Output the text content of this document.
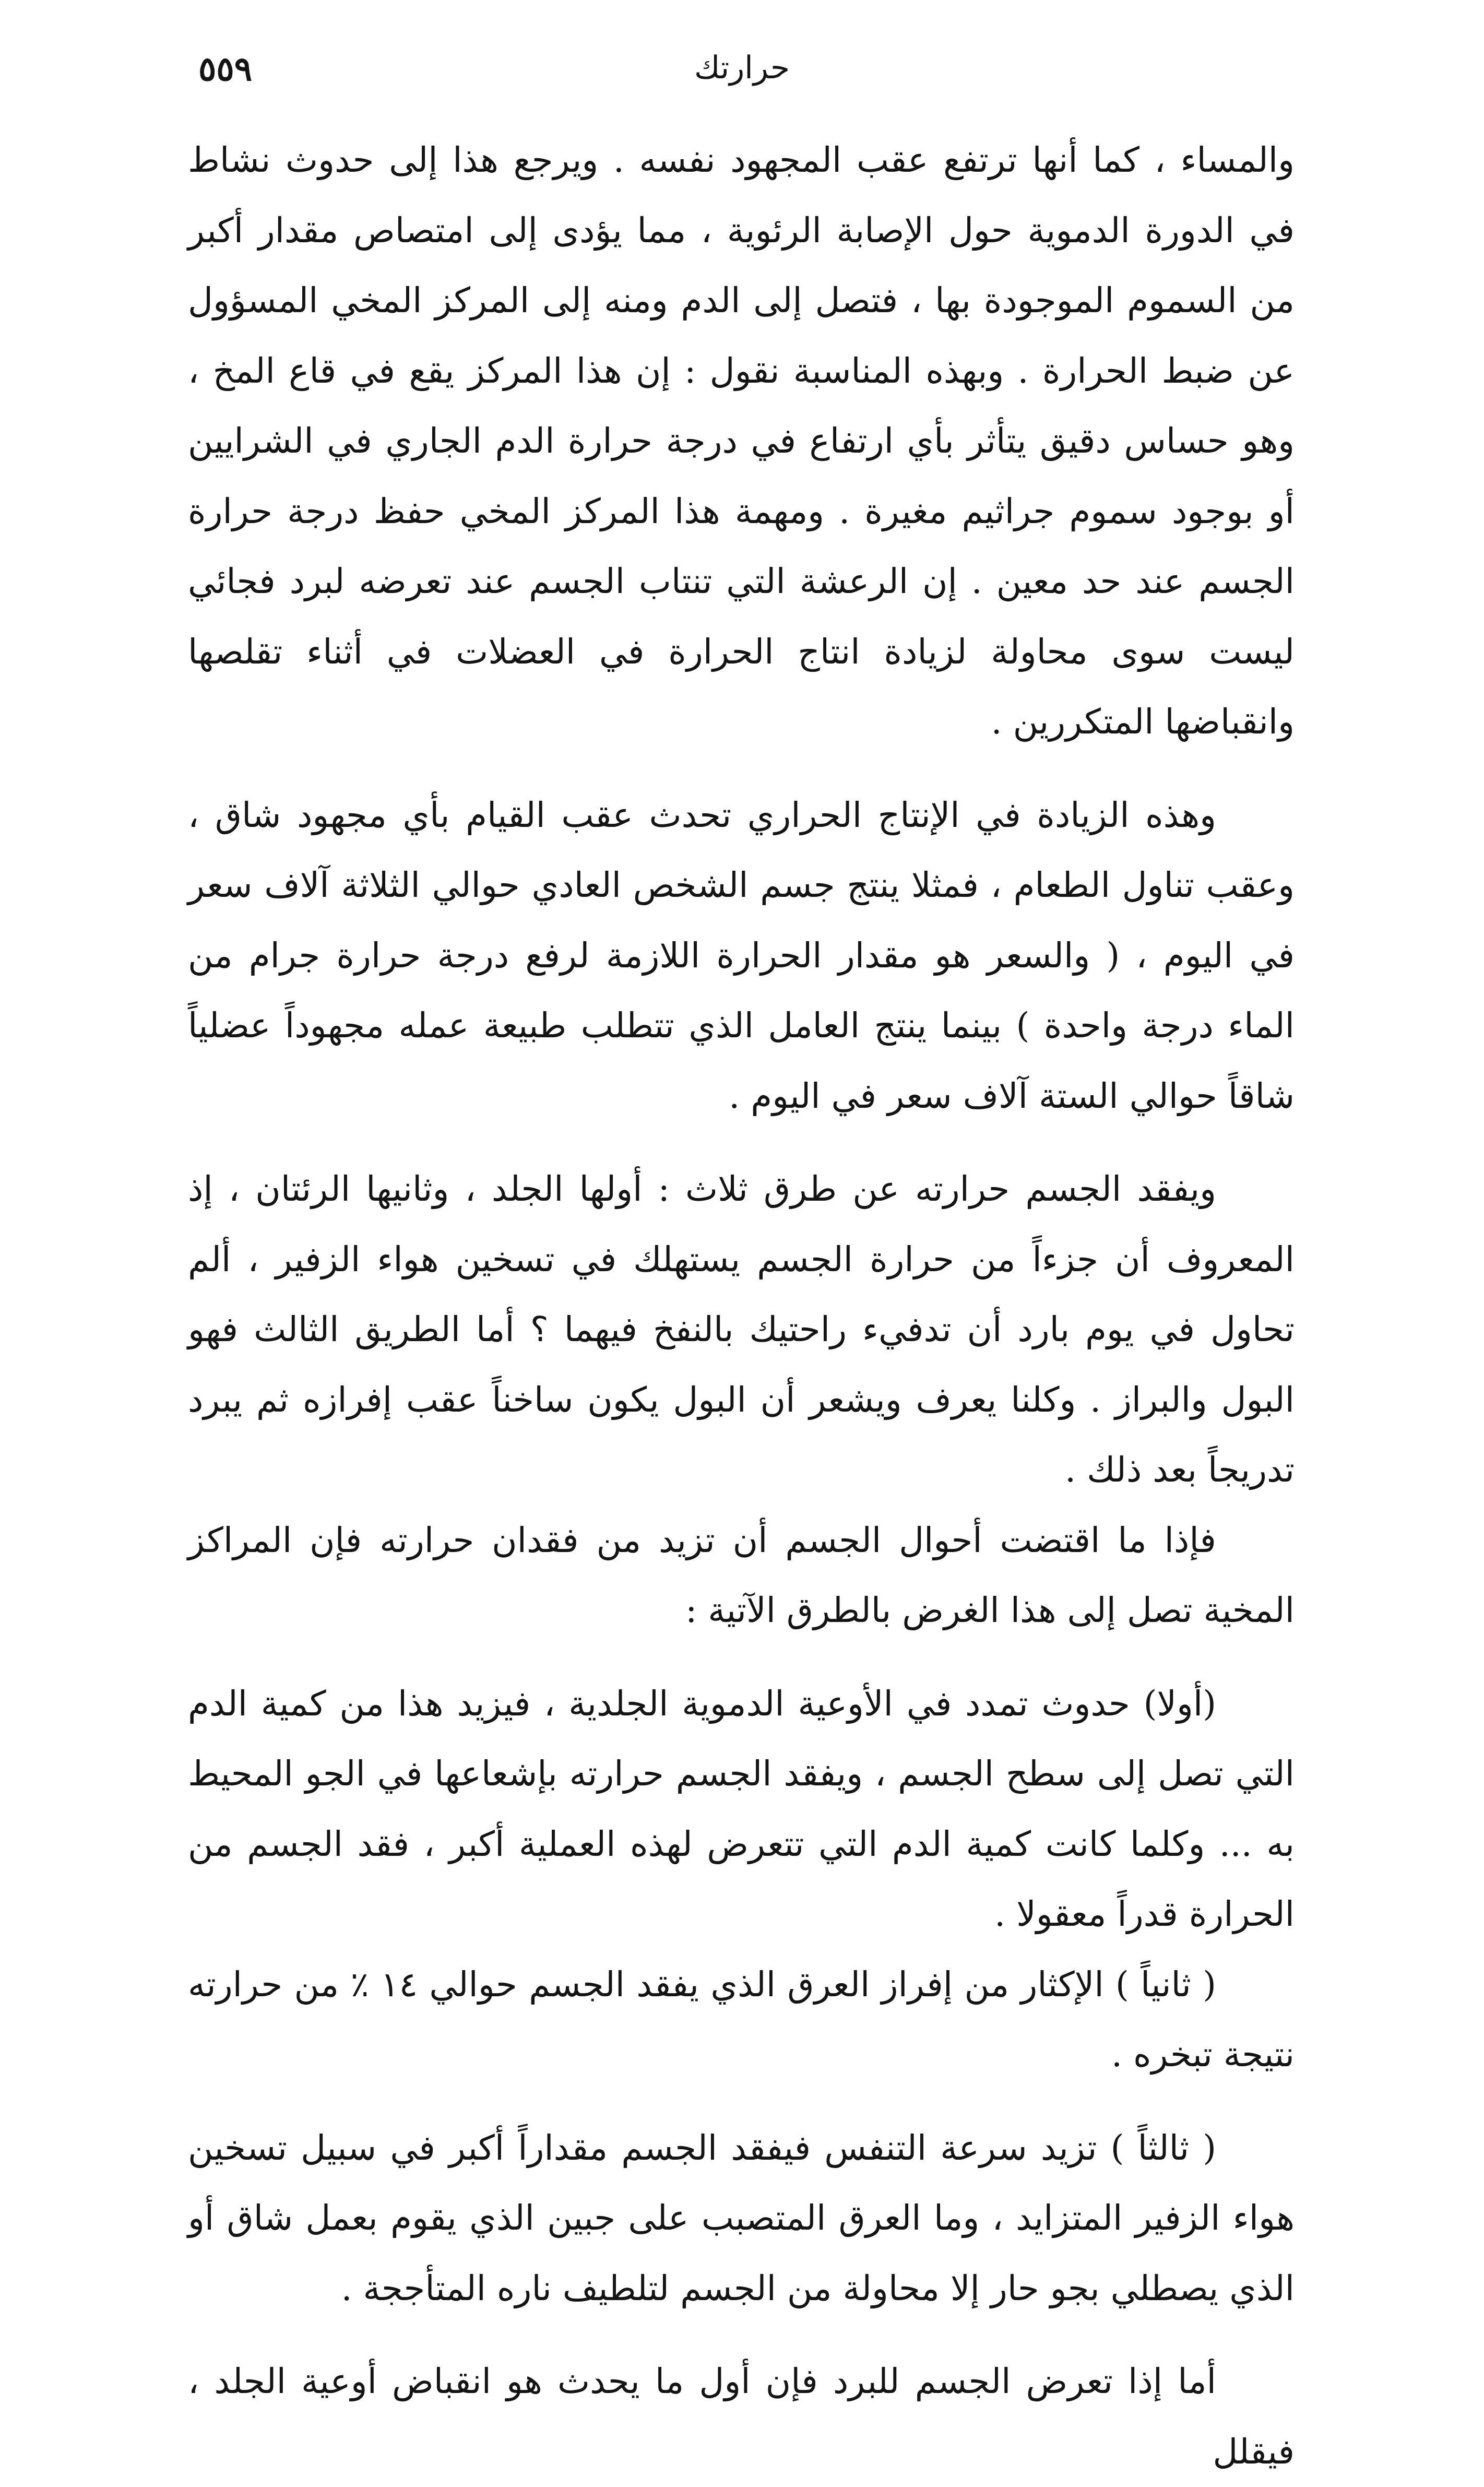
٥٥٩	حرارتك

والمساء ، كما أنها ترتفع عقب المجهود نفسه . ويرجع هذا إلى حدوث نشاط في الدورة الدموية حول الإصابة الرئوية ، مما يؤدى إلى امتصاص مقدار أكبر من السموم الموجودة بها ، فتصل إلى الدم ومنه إلى المركز المخي المسؤول عن ضبط الحرارة . وبهذه المناسبة نقول : إن هذا المركز يقع في قاع المخ ، وهو حساس دقيق يتأثر بأي ارتفاع في درجة حرارة الدم الجاري في الشرايين أو بوجود سموم جراثيم مغيرة . ومهمة هذا المركز المخي حفظ درجة حرارة الجسم عند حد معين . إن الرعشة التي تنتاب الجسم عند تعرضه لبرد فجائي ليست سوى محاولة لزيادة انتاج الحرارة في العضلات في أثناء تقلصها وانقباضها المتكررين .

وهذه الزيادة في الإنتاج الحراري تحدث عقب القيام بأي مجهود شاق ، وعقب تناول الطعام ، فمثلا ينتج جسم الشخص العادي حوالي الثلاثة آلاف سعر في اليوم ، ( والسعر هو مقدار الحرارة اللازمة لرفع درجة حرارة جرام من الماء درجة واحدة ) بينما ينتج العامل الذي تتطلب طبيعة عمله مجهوداً عضلياً شاقاً حوالي الستة آلاف سعر في اليوم .

ويفقد الجسم حرارته عن طرق ثلاث : أولها الجلد ، وثانيها الرئتان ، إذ المعروف أن جزءاً من حرارة الجسم يستهلك في تسخين هواء الزفير ، ألم تحاول في يوم بارد أن تدفيء راحتيك بالنفخ فيهما ؟ أما الطريق الثالث فهو البول والبراز . وكلنا يعرف ويشعر أن البول يكون ساخناً عقب إفرازه ثم يبرد تدريجاً بعد ذلك .

فإذا ما اقتضت أحوال الجسم أن تزيد من فقدان حرارته فإن المراكز المخية تصل إلى هذا الغرض بالطرق الآتية :

(أولا) حدوث تمدد في الأوعية الدموية الجلدية ، فيزيد هذا من كمية الدم التي تصل إلى سطح الجسم ، ويفقد الجسم حرارته بإشعاعها في الجو المحيط به ... وكلما كانت كمية الدم التي تتعرض لهذه العملية أكبر ، فقد الجسم من الحرارة قدراً معقولا .

( ثانياً ) الإكثار من إفراز العرق الذي يفقد الجسم حوالي ١٤ ٪ من حرارته نتيجة تبخره .

( ثالثاً ) تزيد سرعة التنفس فيفقد الجسم مقداراً أكبر في سبيل تسخين هواء الزفير المتزايد ، وما العرق المتصبب على جبين الذي يقوم بعمل شاق أو الذي يصطلي بجو حار إلا محاولة من الجسم لتلطيف ناره المتأججة .

أما إذا تعرض الجسم للبرد فإن أول ما يحدث هو انقباض أوعية الجلد ، فيقلل
